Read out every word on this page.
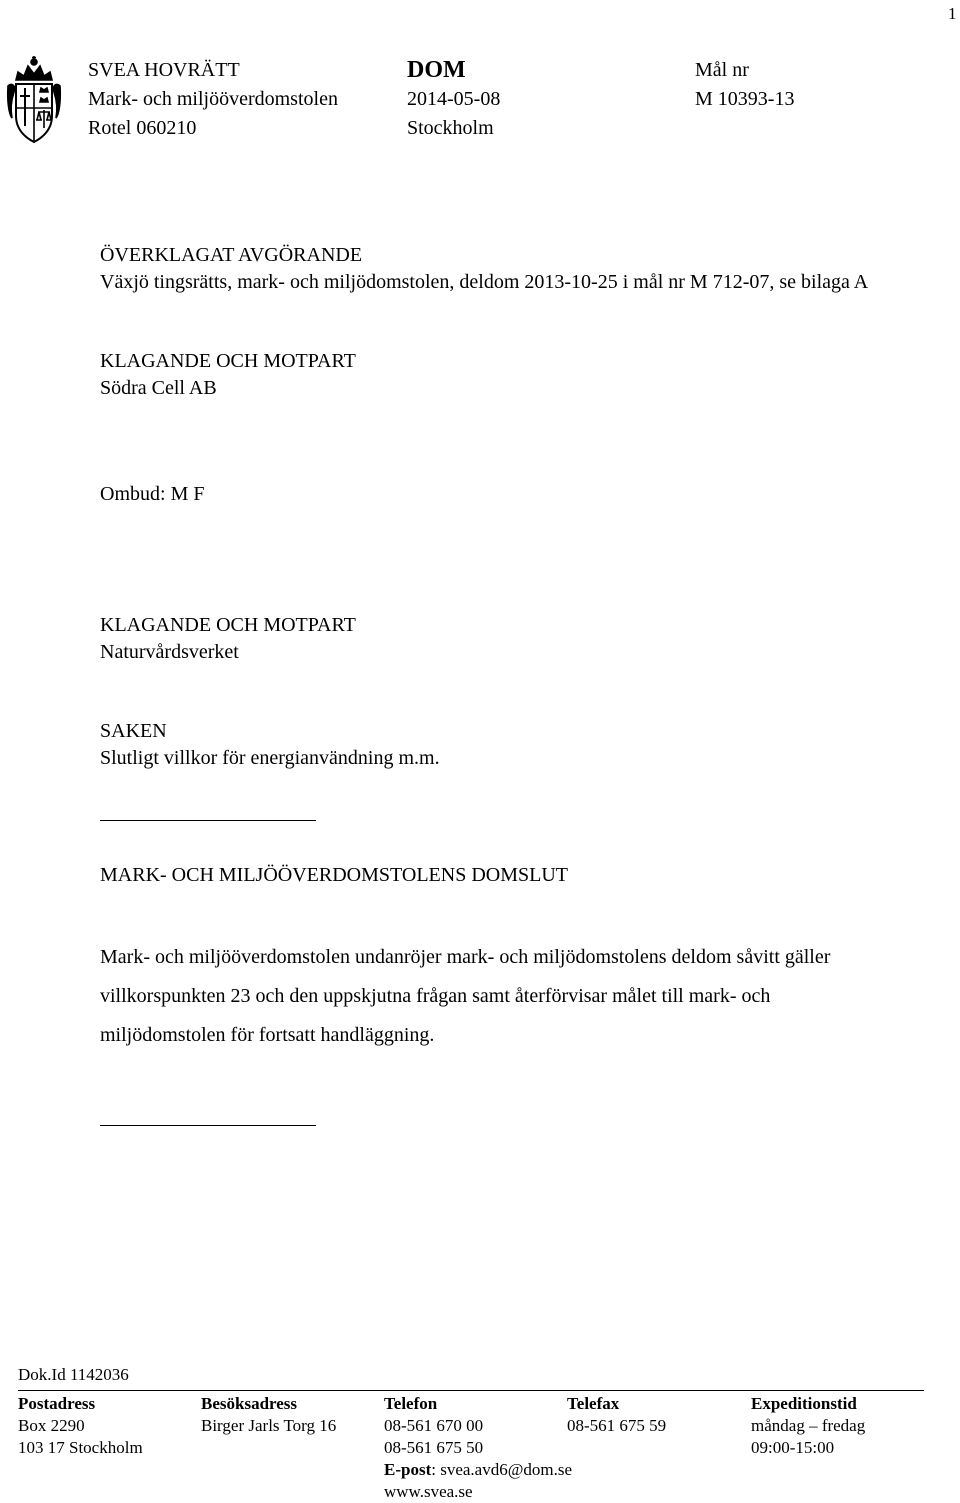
1
SVEA HOVRÄTT
Mark- och miljööverdomstolen
Rotel 060210
DOM
2014-05-08
Stockholm
Mål nr
M 10393-13
ÖVERKLAGAT AVGÖRANDE
Växjö tingsrätts, mark- och miljödomstolen, deldom 2013-10-25 i mål nr M 712-07, se bilaga A
KLAGANDE OCH MOTPART
Södra Cell AB
Ombud: M F
KLAGANDE OCH MOTPART
Naturvårdsverket
SAKEN
Slutligt villkor för energianvändning m.m.
MARK- OCH MILJÖÖVERDOMSTOLENS DOMSLUT
Mark- och miljööverdomstolen undanröjer mark- och miljödomstolens deldom såvitt gäller villkorspunkten 23 och den uppskjutna frågan samt återförvisar målet till mark- och miljödomstolen för fortsatt handläggning.
Dok.Id 1142036
Postadress
Box 2290
103 17 Stockholm
Besöksadress
Birger Jarls Torg 16
Telefon
08-561 670 00
08-561 675 50
E-post: svea.avd6@dom.se
www.svea.se
Telefax
08-561 675 59
Expeditionstid
måndag – fredag
09:00-15:00
